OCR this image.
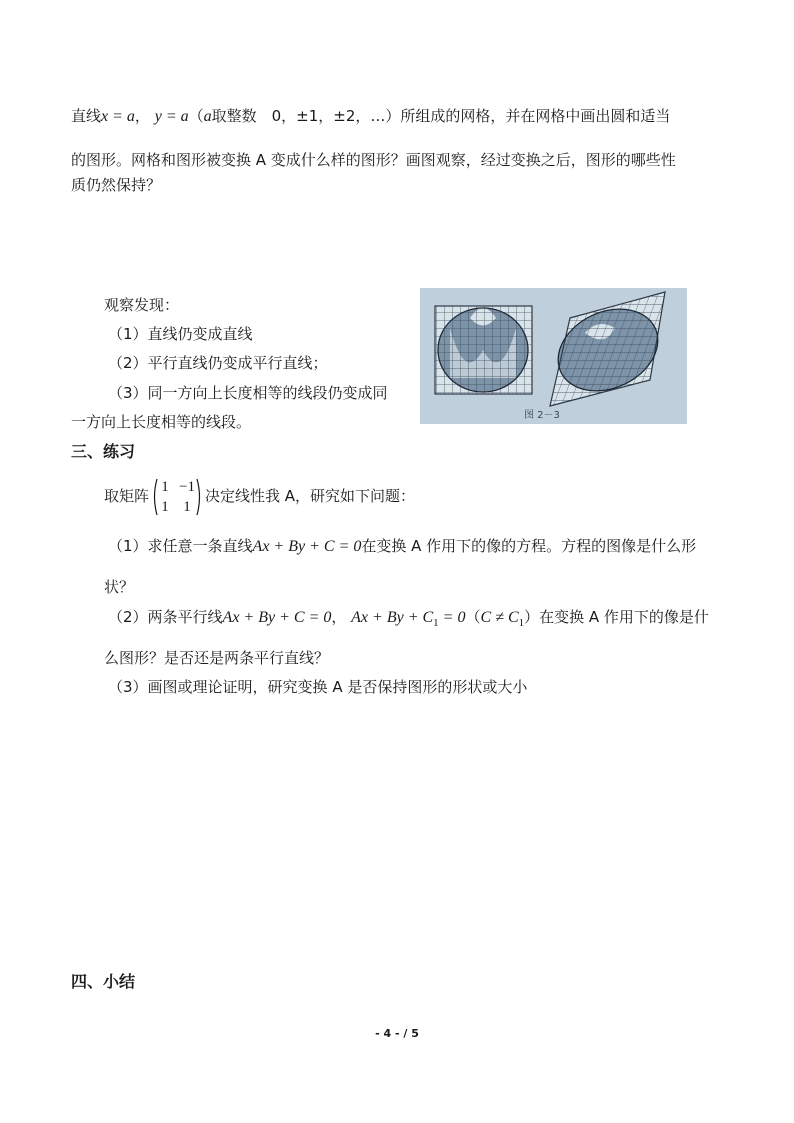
直线x = a， y = a（a取整数　0，±1，±2，…）所组成的网格，并在网格中画出圆和适当
的图形。网格和图形被变换 A 变成什么样的图形？画图观察，经过变换之后，图形的哪些性
质仍然保持？
观察发现：
（1）直线仍变成直线
（2）平行直线仍变成平行直线；
（3）同一方向上长度相等的线段仍变成同
一方向上长度相等的线段。	图 2－3
三、练习
取矩阵
1 −1
1 1
决定线性我 A，研究如下问题：
（1）求任意一条直线Ax + By + C = 0在变换 A 作用下的像的方程。方程的图像是什么形
状？
（2）两条平行线Ax + By + C = 0， $Ax + By + C_1 = 0(C \ne C_1)$在变换 A 作用下的像是什
么图形？是否还是两条平行直线？
（3）画图或理论证明，研究变换 A 是否保持图形的形状或大小
四、小结
- 4 - / 5
